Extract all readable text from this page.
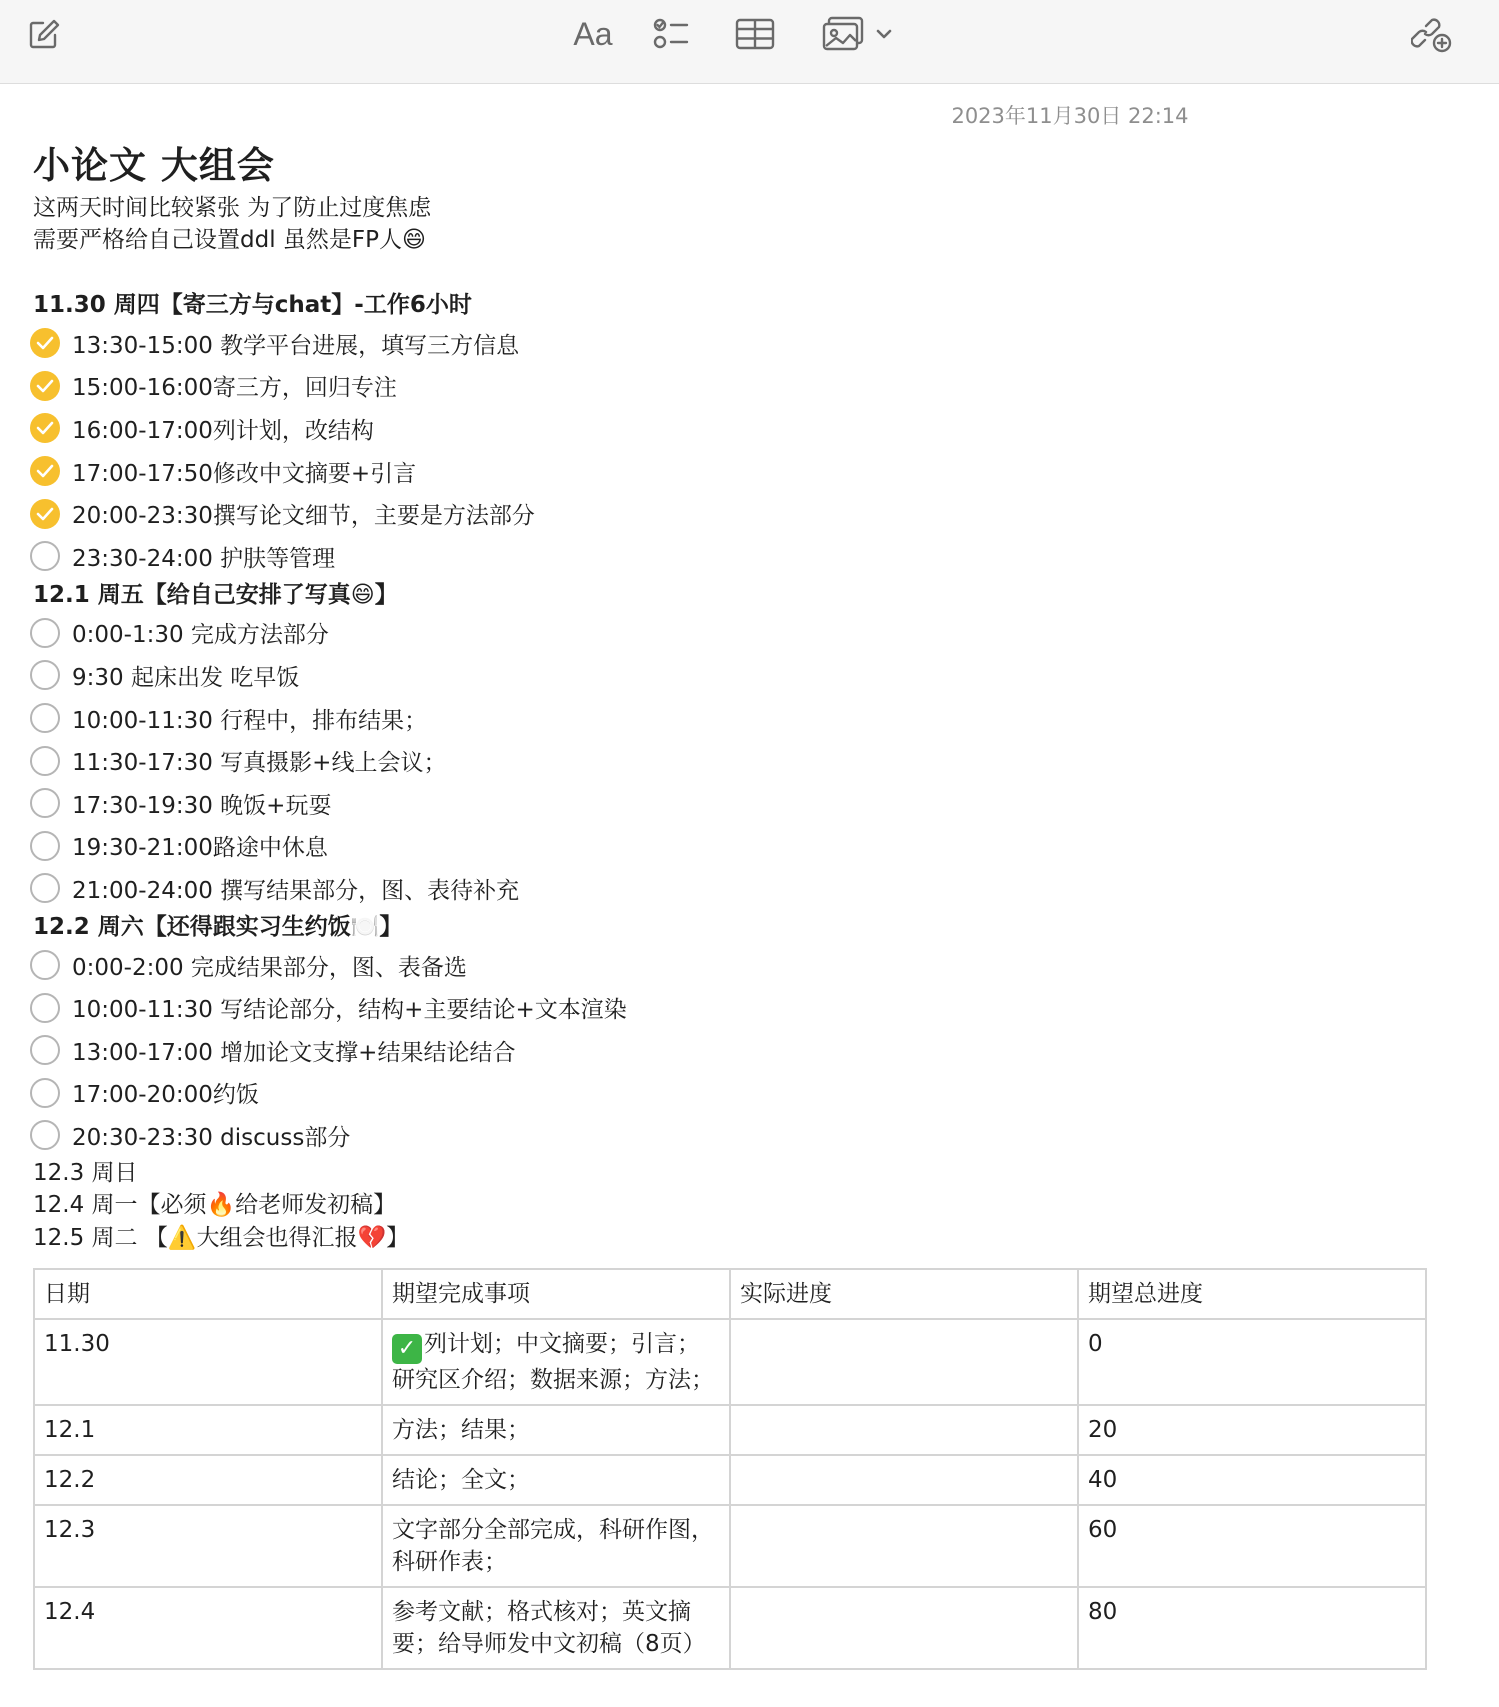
Aa
2023年11月30日 22:14
小论文 大组会
这两天时间比较紧张 为了防止过度焦虑
需要严格给自己设置ddl 虽然是FP人😄
11.30 周四【寄三方与chat】-工作6小时
13:30-15:00 教学平台进展，填写三方信息
15:00-16:00寄三方，回归专注
16:00-17:00列计划，改结构
17:00-17:50修改中文摘要+引言
20:00-23:30撰写论文细节，主要是方法部分
23:30-24:00 护肤等管理
12.1 周五【给自己安排了写真😄】
0:00-1:30 完成方法部分
9:30 起床出发 吃早饭
10:00-11:30 行程中，排布结果；
11:30-17:30 写真摄影+线上会议；
17:30-19:30 晚饭+玩耍
19:30-21:00路途中休息
21:00-24:00 撰写结果部分，图、表待补充
12.2 周六【还得跟实习生约饭🍽️】
0:00-2:00 完成结果部分，图、表备选
10:00-11:30 写结论部分，结构+主要结论+文本渲染
13:00-17:00 增加论文支撑+结果结论结合
17:00-20:00约饭
20:30-23:30 discuss部分
12.3 周日
12.4 周一【必须🔥给老师发初稿】
12.5 周二 【⚠️大组会也得汇报💔】
日期	期望完成事项	实际进度	期望总进度
11.30	✓ 列计划；中文摘要；引言；研究区介绍；数据来源；方法；		0
12.1	方法；结果；		20
12.2	结论；全文；		40
12.3	文字部分全部完成，科研作图，科研作表；		60
12.4	参考文献；格式核对；英文摘要；给导师发中文初稿（8页）		80
